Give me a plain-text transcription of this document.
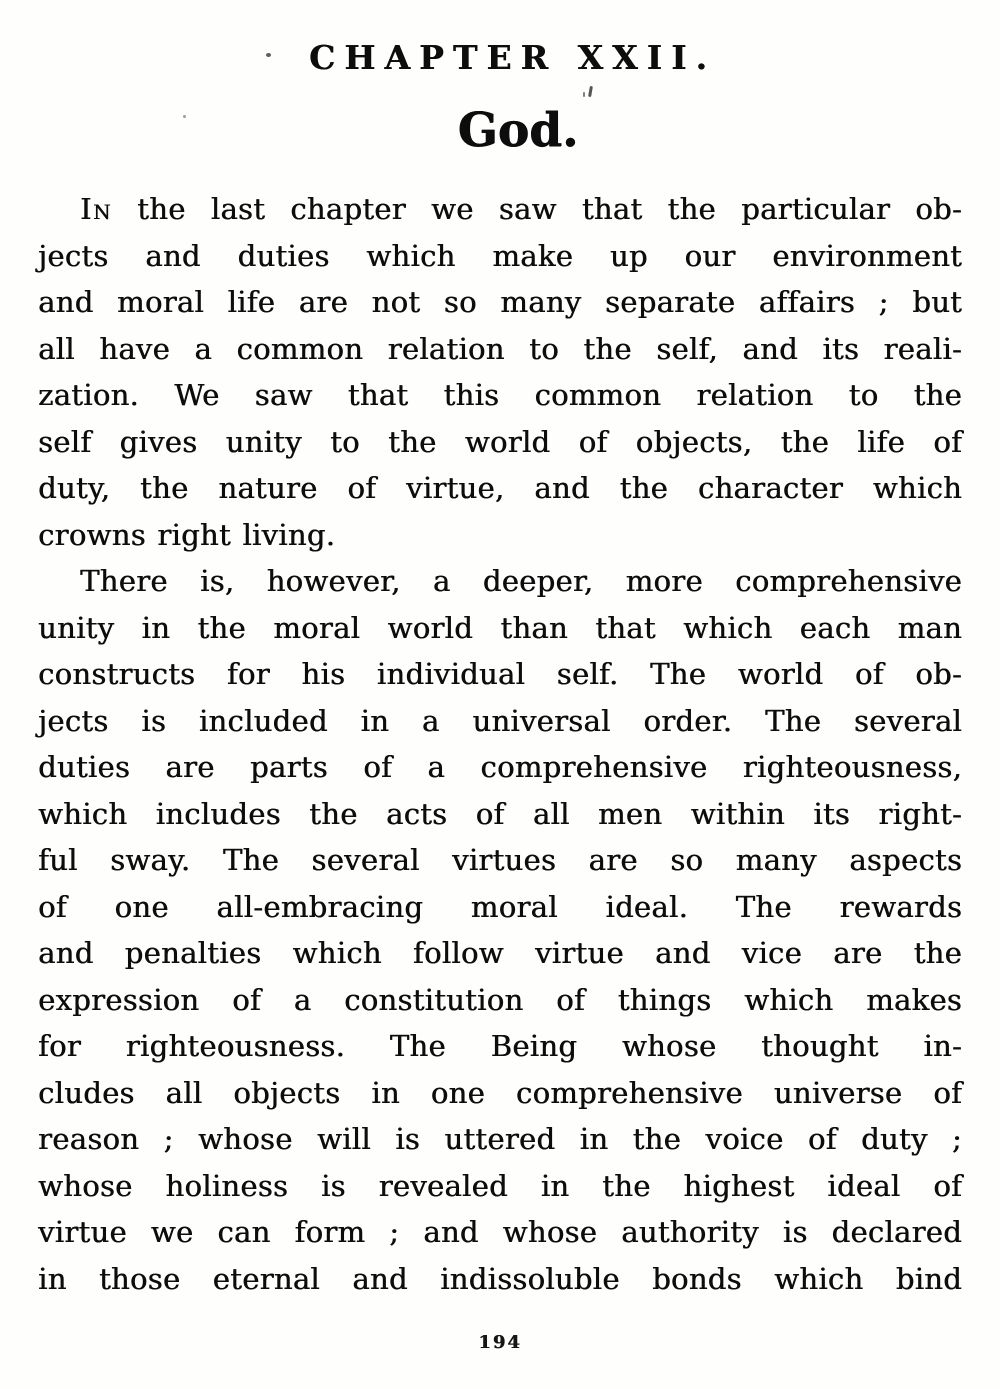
CHAPTER XXII.
God.
In the last chapter we saw that the particular ob-
jects and duties which make up our environment
and moral life are not so many separate affairs ; but
all have a common relation to the self, and its reali-
zation. We saw that this common relation to the
self gives unity to the world of objects, the life of
duty, the nature of virtue, and the character which
crowns right living.
There is, however, a deeper, more comprehensive
unity in the moral world than that which each man
constructs for his individual self. The world of ob-
jects is included in a universal order. The several
duties are parts of a comprehensive righteousness,
which includes the acts of all men within its right-
ful sway. The several virtues are so many aspects
of one all-embracing moral ideal. The rewards
and penalties which follow virtue and vice are the
expression of a constitution of things which makes
for righteousness. The Being whose thought in-
cludes all objects in one comprehensive universe of
reason ; whose will is uttered in the voice of duty ;
whose holiness is revealed in the highest ideal of
virtue we can form ; and whose authority is declared
in those eternal and indissoluble bonds which bind
194
